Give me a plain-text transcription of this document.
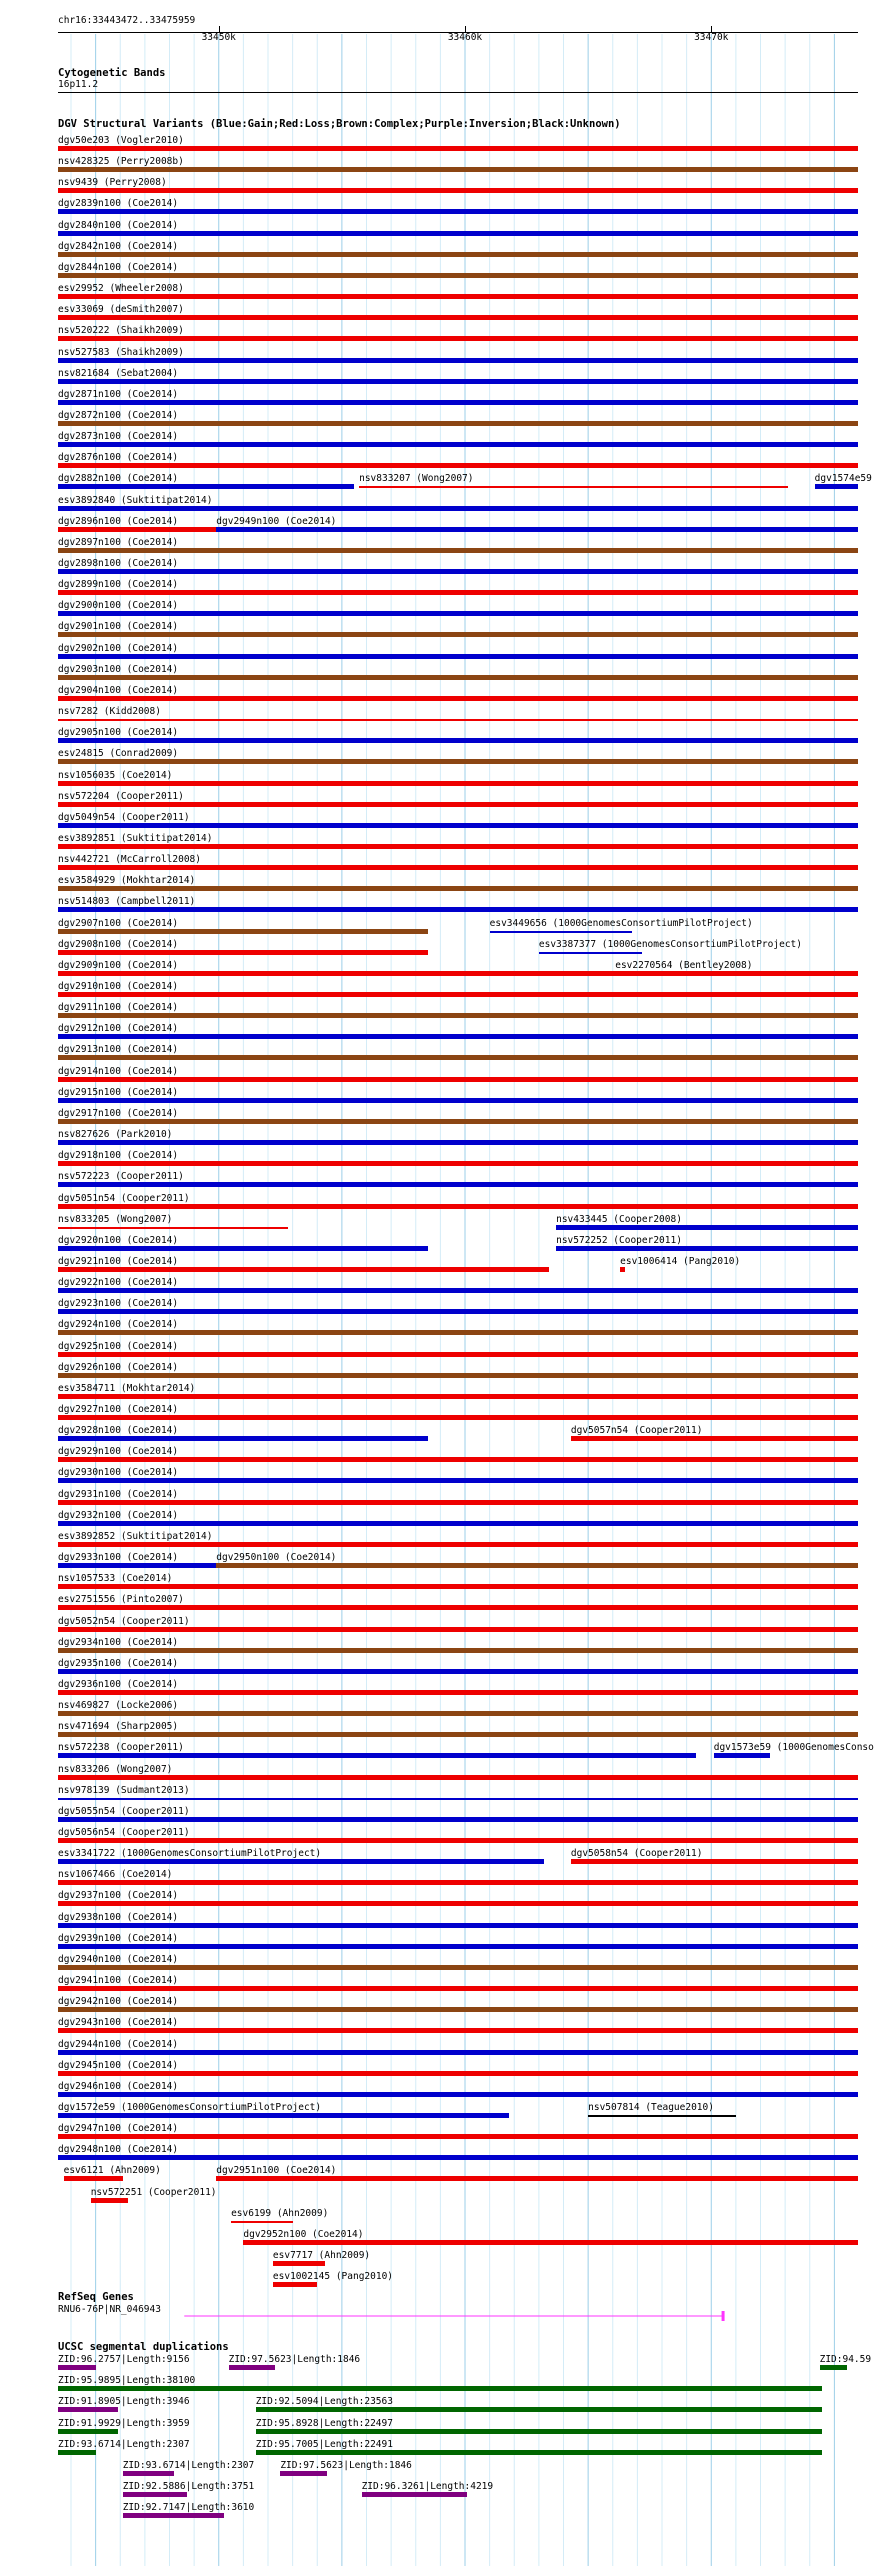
chr16:33443472..33475959
33450k	33460k	33470k
Cytogenetic Bands
16p11.2
DGV Structural Variants (Blue:Gain;Red:Loss;Brown:Complex;Purple:Inversion;Black:Unknown)
dgv50e203 (Vogler2010)
nsv428325 (Perry2008b)
nsv9439 (Perry2008)
dgv2839n100 (Coe2014)
dgv2840n100 (Coe2014)
dgv2842n100 (Coe2014)
dgv2844n100 (Coe2014)
esv29952 (Wheeler2008)
esv33069 (deSmith2007)
nsv520222 (Shaikh2009)
nsv527583 (Shaikh2009)
nsv821684 (Sebat2004)
dgv2871n100 (Coe2014)
dgv2872n100 (Coe2014)
dgv2873n100 (Coe2014)
dgv2876n100 (Coe2014)
dgv2882n100 (Coe2014)	nsv833207 (Wong2007)	dgv1574e59
esv3892840 (Suktitipat2014)
dgv2896n100 (Coe2014)	dgv2949n100 (Coe2014)
dgv2897n100 (Coe2014)
dgv2898n100 (Coe2014)
dgv2899n100 (Coe2014)
dgv2900n100 (Coe2014)
dgv2901n100 (Coe2014)
dgv2902n100 (Coe2014)
dgv2903n100 (Coe2014)
dgv2904n100 (Coe2014)
nsv7282 (Kidd2008)
dgv2905n100 (Coe2014)
esv24815 (Conrad2009)
nsv1056035 (Coe2014)
nsv572204 (Cooper2011)
dgv5049n54 (Cooper2011)
esv3892851 (Suktitipat2014)
nsv442721 (McCarroll2008)
esv3584929 (Mokhtar2014)
nsv514803 (Campbell2011)
dgv2907n100 (Coe2014)	esv3449656 (1000GenomesConsortiumPilotProject)
dgv2908n100 (Coe2014)	esv3387377 (1000GenomesConsortiumPilotProject)
dgv2909n100 (Coe2014)	esv2270564 (Bentley2008)
dgv2910n100 (Coe2014)
dgv2911n100 (Coe2014)
dgv2912n100 (Coe2014)
dgv2913n100 (Coe2014)
dgv2914n100 (Coe2014)
dgv2915n100 (Coe2014)
dgv2917n100 (Coe2014)
nsv827626 (Park2010)
dgv2918n100 (Coe2014)
nsv572223 (Cooper2011)
dgv5051n54 (Cooper2011)
nsv833205 (Wong2007)	nsv433445 (Cooper2008)
dgv2920n100 (Coe2014)	nsv572252 (Cooper2011)
dgv2921n100 (Coe2014)	esv1006414 (Pang2010)
dgv2922n100 (Coe2014)
dgv2923n100 (Coe2014)
dgv2924n100 (Coe2014)
dgv2925n100 (Coe2014)
dgv2926n100 (Coe2014)
esv3584711 (Mokhtar2014)
dgv2927n100 (Coe2014)
dgv2928n100 (Coe2014)	dgv5057n54 (Cooper2011)
dgv2929n100 (Coe2014)
dgv2930n100 (Coe2014)
dgv2931n100 (Coe2014)
dgv2932n100 (Coe2014)
esv3892852 (Suktitipat2014)
dgv2933n100 (Coe2014)	dgv2950n100 (Coe2014)
nsv1057533 (Coe2014)
esv2751556 (Pinto2007)
dgv5052n54 (Cooper2011)
dgv2934n100 (Coe2014)
dgv2935n100 (Coe2014)
dgv2936n100 (Coe2014)
nsv469827 (Locke2006)
nsv471694 (Sharp2005)
nsv572238 (Cooper2011)	dgv1573e59 (1000GenomesConso
nsv833206 (Wong2007)
nsv978139 (Sudmant2013)
dgv5055n54 (Cooper2011)
dgv5056n54 (Cooper2011)
esv3341722 (1000GenomesConsortiumPilotProject)	dgv5058n54 (Cooper2011)
nsv1067466 (Coe2014)
dgv2937n100 (Coe2014)
dgv2938n100 (Coe2014)
dgv2939n100 (Coe2014)
dgv2940n100 (Coe2014)
dgv2941n100 (Coe2014)
dgv2942n100 (Coe2014)
dgv2943n100 (Coe2014)
dgv2944n100 (Coe2014)
dgv2945n100 (Coe2014)
dgv2946n100 (Coe2014)
dgv1572e59 (1000GenomesConsortiumPilotProject)	nsv507814 (Teague2010)
dgv2947n100 (Coe2014)
dgv2948n100 (Coe2014)
esv6121 (Ahn2009)	dgv2951n100 (Coe2014)
nsv572251 (Cooper2011)
esv6199 (Ahn2009)
dgv2952n100 (Coe2014)
esv7717 (Ahn2009)
esv1002145 (Pang2010)
RefSeq Genes
RNU6-76P|NR_046943
UCSC segmental duplications
ZID:96.2757|Length:9156	ZID:97.5623|Length:1846	ZID:94.59
ZID:95.9895|Length:38100
ZID:91.8905|Length:3946	ZID:92.5094|Length:23563
ZID:91.9929|Length:3959	ZID:95.8928|Length:22497
ZID:93.6714|Length:2307	ZID:95.7005|Length:22491
ZID:93.6714|Length:2307	ZID:97.5623|Length:1846
ZID:92.5886|Length:3751	ZID:96.3261|Length:4219
ZID:92.7147|Length:3610
